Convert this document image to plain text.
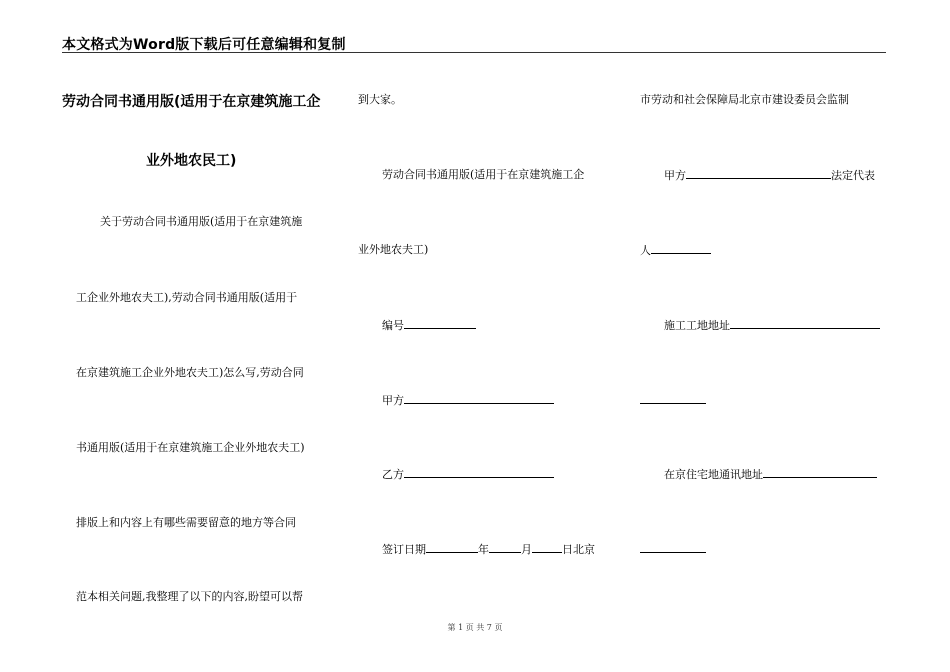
本文格式为Word版下载后可任意编辑和复制
劳动合同书通用版(适用于在京建筑施工企
业外地农民工)
关于劳动合同书通用版(适用于在京建筑施
工企业外地农夫工),劳动合同书通用版(适用于
在京建筑施工企业外地农夫工)怎么写,劳动合同
书通用版(适用于在京建筑施工企业外地农夫工)
排版上和内容上有哪些需要留意的地方等合同
范本相关问题,我整理了以下的内容,盼望可以帮
到大家。
劳动合同书通用版(适用于在京建筑施工企
业外地农夫工)
编号
甲方
乙方
签订日期	年	月	日北京
市劳动和社会保障局北京市建设委员会监制
甲方	法定代表
人
施工工地地址
在京住宅地通讯地址
第 1 页 共 7 页
